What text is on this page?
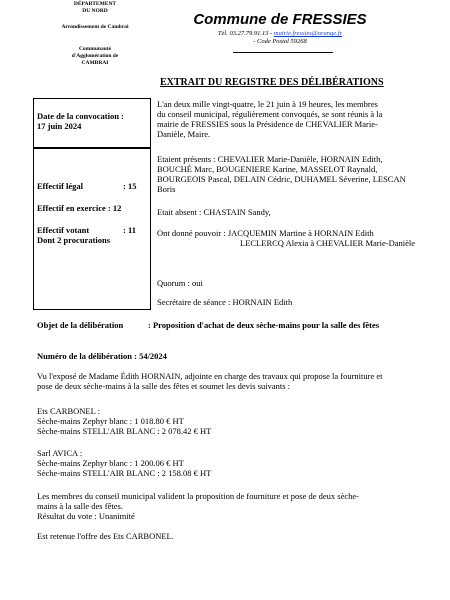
DÉPARTEMENT
DU NORD
Arrondissement de Cambrai
Communauté
d'Agglomération de
CAMBRAI
Commune de FRESSIES
Tél. 03.27.79.91.13 - mairie.fressies@orange.fr
- Code Postal 59268
EXTRAIT DU REGISTRE DES DÉLIBÉRATIONS
Date de la convocation :
17 juin 2024
Effectif légal	: 15
Effectif en exercice : 12
Effectif votant	: 11
Dont 2 procurations
L'an deux mille vingt-quatre, le 21 juin à 19 heures, les membres
du conseil municipal, régulièrement convoqués, se sont réunis à la
mairie de FRESSIES sous la Présidence de CHEVALIER Marie-
Danièle, Maire.
Etaient présents : CHEVALIER Marie-Danièle, HORNAIN Edith,
BOUCHÉ Marc, BOUGENIERE Karine, MASSELOT Raynald,
BOURGEOIS Pascal, DELAIN Cédric, DUHAMEL Séverine, LESCAN
Boris
Etait absent : CHASTAIN Sandy,
Ont donné pouvoir : JACQUEMIN Martine à HORNAIN Edith
LECLERCQ Alexia à CHEVALIER Marie-Danièle
Quorum : oui
Secrétaire de séance : HORNAIN Edith
Objet de la délibération	: Proposition d'achat de deux sèche-mains pour la salle des fêtes
Numéro de la délibération : 54/2024
Vu l'exposé de Madame Édith HORNAIN, adjointe en charge des travaux qui propose la fourniture et
pose de deux sèche-mains à la salle des fêtes et soumet les devis suivants :
Ets CARBONEL :
Sèche-mains Zephyr blanc : 1 018.80 € HT
Sèche-mains STELL'AIR BLANC : 2 078.42 € HT
Sarl AVICA :
Sèche-mains Zephyr blanc : 1 200.06 € HT
Sèche-mains STELL'AIR BLANC : 2 158.08 € HT
Les membres du conseil municipal valident la proposition de fourniture et pose de deux sèche-
mains à la salle des fêtes.
Résultat du vote : Unanimité
Est retenue l'offre des Ets CARBONEL.
